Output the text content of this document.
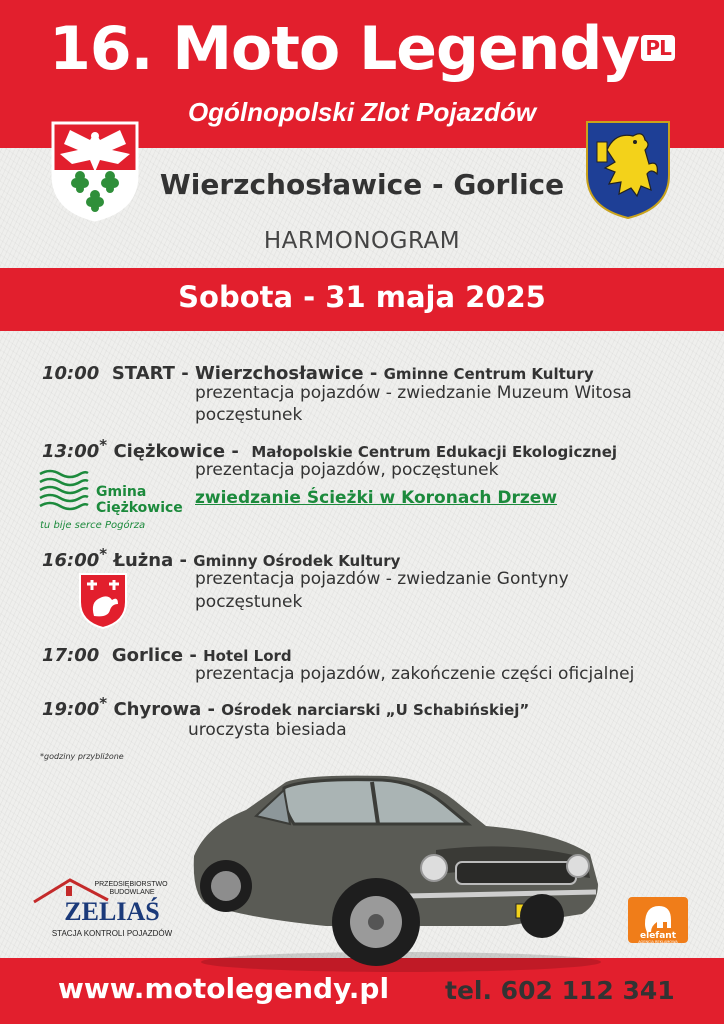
16. Moto Legendy PL
Ogólnopolski Zlot Pojazdów
Wierzchosławice - Gorlice
HARMONOGRAM
Sobota - 31 maja 2025
10:00 START - Wierzchosławice - Gminne Centrum Kultury
prezentacja pojazdów - zwiedzanie Muzeum Witosa
poczęstunek
13:00* Ciężkowice -  Małopolskie Centrum Edukacji Ekologicznej
prezentacja pojazdów, poczęstunek
zwiedzanie Ścieżki w Koronach Drzew
Gmina
Ciężkowice
tu bije serce Pogórza
16:00* Łużna - Gminny Ośrodek Kultury
prezentacja pojazdów - zwiedzanie Gontyny
poczęstunek
17:00 Gorlice - Hotel Lord
prezentacja pojazdów, zakończenie części oficjalnej
19:00* Chyrowa - Ośrodek narciarski „U Schabińskiej”
uroczysta biesiada
*godziny przybliżone
PRZEDSIĘBIORSTWO BUDOWLANE
ZELIAŚ
STACJA KONTROLI POJAZDÓW	elefant
AGENCJA REKLAMOWA
www.motolegendy.pl tel. 602 112 341
